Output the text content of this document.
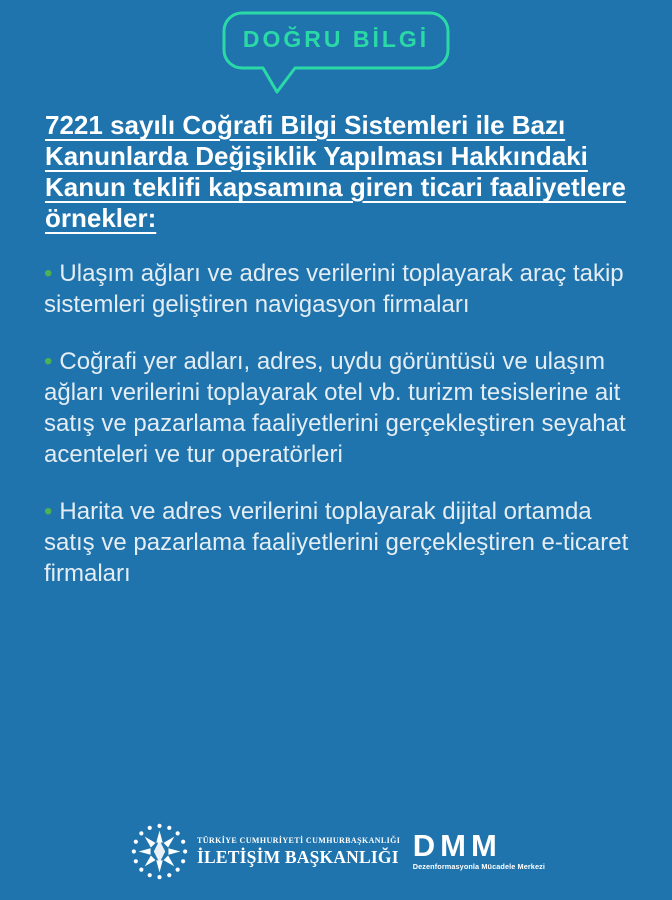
DOĞRU BİLGİ
7221 sayılı Coğrafi Bilgi Sistemleri ile Bazı Kanunlarda Değişiklik Yapılması Hakkındaki Kanun teklifi kapsamına giren ticari faaliyetlere örnekler:

• Ulaşım ağları ve adres verilerini toplayarak araç takip sistemleri geliştiren navigasyon firmaları

• Coğrafi yer adları, adres, uydu görüntüsü ve ulaşım ağları verilerini toplayarak otel vb. turizm tesislerine ait satış ve pazarlama faaliyetlerini gerçekleştiren seyahat acenteleri ve tur operatörleri

• Harita ve adres verilerini toplayarak dijital ortamda satış ve pazarlama faaliyetlerini gerçekleştiren e-ticaret firmaları

TÜRKİYE CUMHURİYETİ CUMHURBAŞKANLIĞI
İLETİŞİM BAŞKANLIĞI DMM
Dezenformasyonla Mücadele Merkezi
